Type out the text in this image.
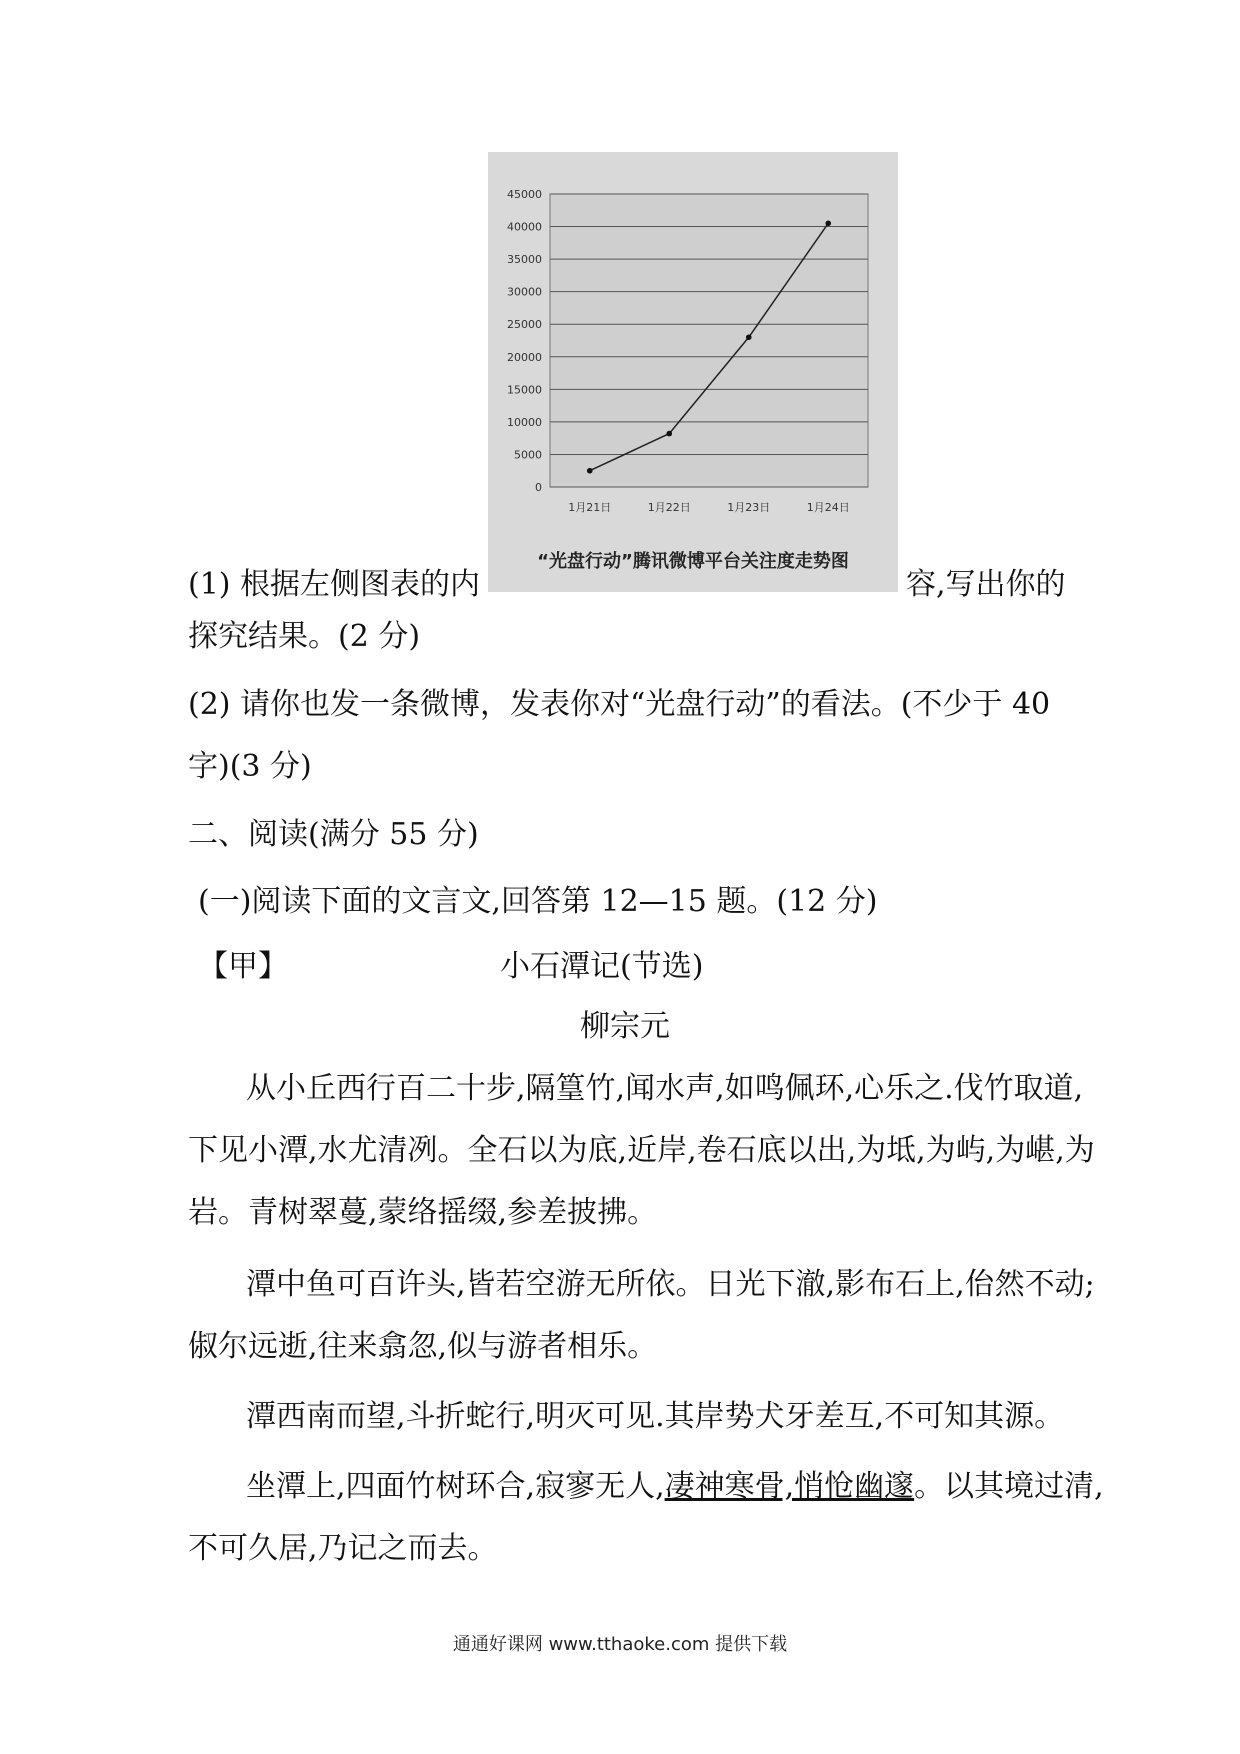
0
5000
10000
15000
20000
25000
30000
35000
40000
45000
1月21日	1月22日	1月23日	1月24日
“光盘行动”腾讯微博平台关注度走势图
(1) 根据左侧图表的内	容,写出你的
探究结果。(2 分)
(2) 请你也发一条微博，发表你对“光盘行动”的看法。(不少于 40
字)(3 分)
二、阅读(满分 55 分)
(一)阅读下面的文言文,回答第 12—15 题。(12 分)
【甲】	小石潭记(节选)
柳宗元
从小丘西行百二十步,隔篁竹,闻水声,如鸣佩环,心乐之.伐竹取道,
下见小潭,水尤清冽。全石以为底,近岸,卷石底以出,为坻,为屿,为嵁,为
岩。青树翠蔓,蒙络摇缀,参差披拂。
潭中鱼可百许头,皆若空游无所依。日光下澈,影布石上,佁然不动;
俶尔远逝,往来翕忽,似与游者相乐。
潭西南而望,斗折蛇行,明灭可见.其岸势犬牙差互,不可知其源。
坐潭上,四面竹树环合,寂寥无人,凄神寒骨,悄怆幽邃。以其境过清,
不可久居,乃记之而去。
通通好课网 www.tthaoke.com 提供下载
